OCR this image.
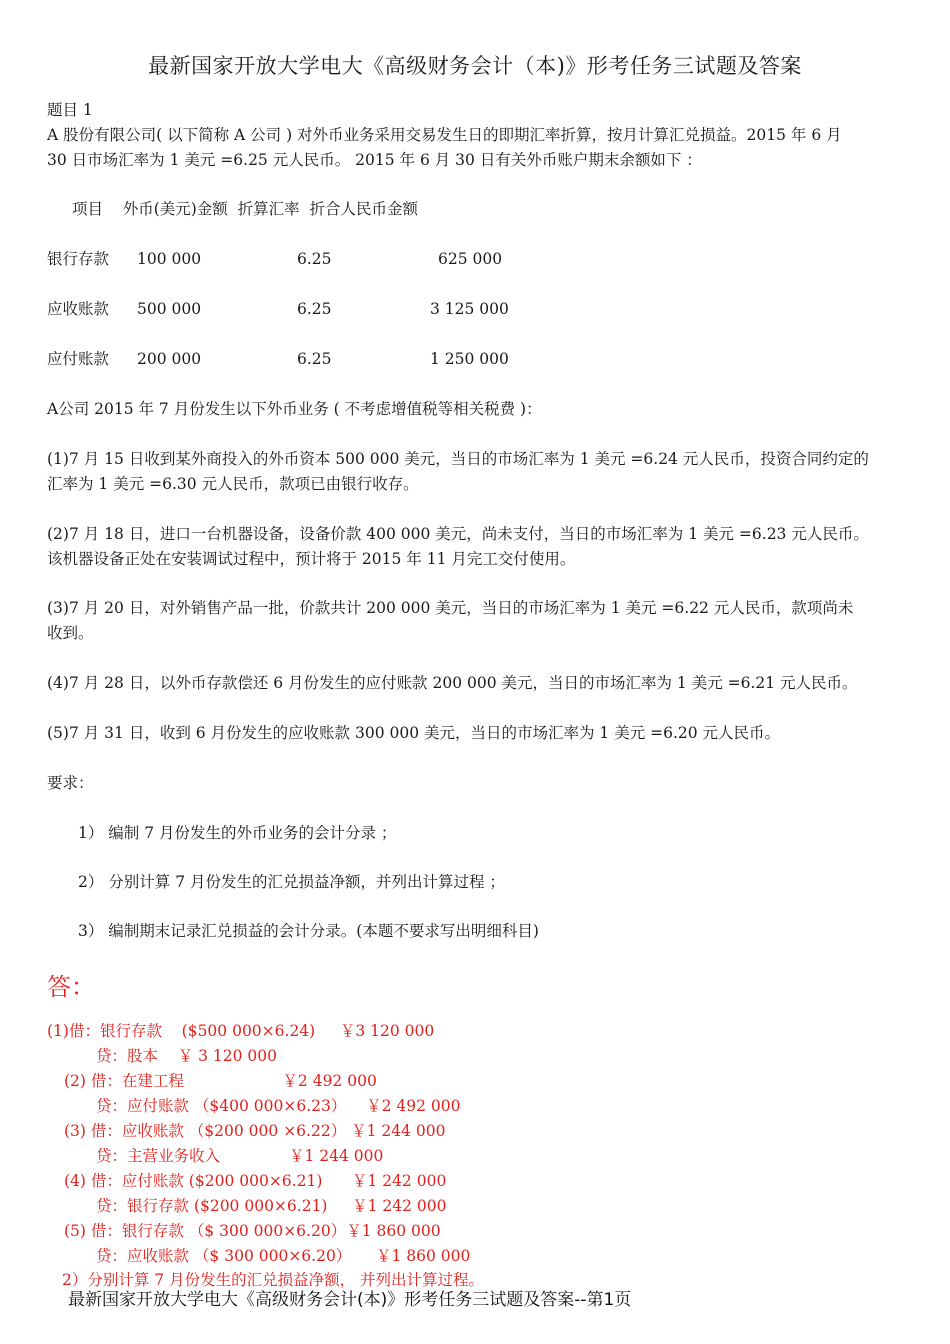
最新国家开放大学电大《高级财务会计（本)》形考任务三试题及答案
题目 1
A 股份有限公司( 以下简称 A 公司 ) 对外币业务采用交易发生日的即期汇率折算，按月计算汇兑损益。2015 年 6 月
30 日市场汇率为 1 美元 =6.25 元人民币。 2015 年 6 月 30 日有关外币账户期末余额如下 ：
项目    外币(美元)金额  折算汇率  折合人民币金额
银行存款 100 000	6.25	625 000
应收账款 500 000	6.25	3 125 000
应付账款 200 000	6.25	1 250 000
A公司 2015 年 7 月份发生以下外币业务 ( 不考虑增值税等相关税费 )：
(1)7 月 15 日收到某外商投入的外币资本 500 000 美元，当日的市场汇率为 1 美元 =6.24 元人民币，投资合同约定的
汇率为 1 美元 =6.30 元人民币，款项已由银行收存。
(2)7 月 18 日，进口一台机器设备，设备价款 400 000 美元，尚未支付，当日的市场汇率为 1 美元 =6.23 元人民币。
该机器设备正处在安装调试过程中，预计将于 2015 年 11 月完工交付使用。
(3)7 月 20 日，对外销售产品一批，价款共计 200 000 美元，当日的市场汇率为 1 美元 =6.22 元人民币，款项尚未
收到。
(4)7 月 28 日，以外币存款偿还 6 月份发生的应付账款 200 000 美元，当日的市场汇率为 1 美元 =6.21 元人民币。
(5)7 月 31 日，收到 6 月份发生的应收账款 300 000 美元，当日的市场汇率为 1 美元 =6.20 元人民币。
要求：
1） 编制 7 月份发生的外币业务的会计分录 ；
2） 分别计算 7 月份发生的汇兑损益净额，并列出计算过程 ；
3） 编制期末记录汇兑损益的会计分录。(本题不要求写出明细科目)
答：
(1)借：银行存款    ($500 000×6.24)     ￥3 120 000
贷：股本    ￥ 3 120 000
(2) 借：在建工程                    ￥2 492 000
贷：应付账款 （$400 000×6.23）    ￥2 492 000
(3) 借：应收账款 （$200 000 ×6.22） ￥1 244 000
贷：主营业务收入              ￥1 244 000
(4) 借：应付账款 ($200 000×6.21)      ￥1 242 000
贷：银行存款 ($200 000×6.21)     ￥1 242 000
(5) 借：银行存款 （$ 300 000×6.20）￥1 860 000
贷：应收账款 （$ 300 000×6.20）     ￥1 860 000
2）分别计算 7 月份发生的汇兑损益净额， 并列出计算过程。
最新国家开放大学电大《高级财务会计(本)》形考任务三试题及答案--第1页
